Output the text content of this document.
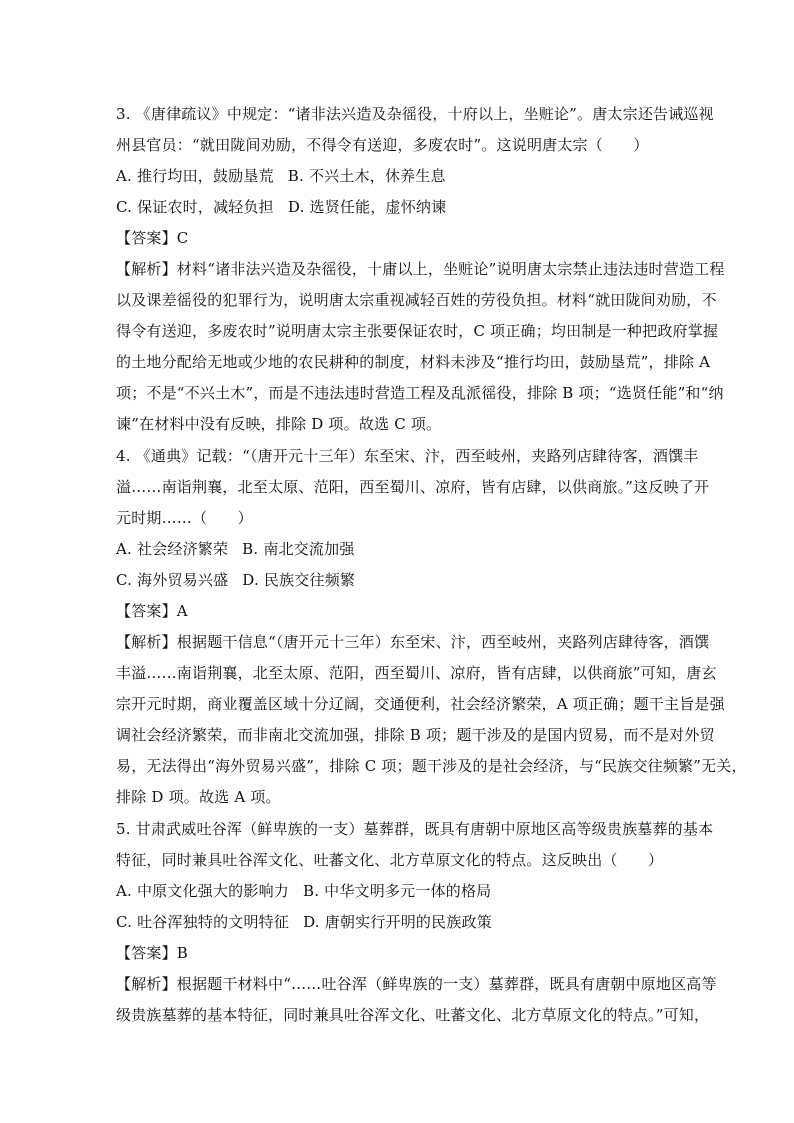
3. 《唐律疏议》中规定：“诸非法兴造及杂徭役，十府以上，坐赃论”。唐太宗还告诫巡视
州县官员：“就田陇间劝励，不得令有送迎，多废农时”。这说明唐太宗（　　）
A. 推行均田，鼓励垦荒 B. 不兴土木，休养生息
C. 保证农时，减轻负担 D. 选贤任能，虚怀纳谏
【答案】C
【解析】材料“诸非法兴造及杂徭役，十庸以上，坐赃论”说明唐太宗禁止违法违时营造工程
以及课差徭役的犯罪行为，说明唐太宗重视减轻百姓的劳役负担。材料“就田陇间劝励，不
得令有送迎，多废农时”说明唐太宗主张要保证农时，C 项正确；均田制是一种把政府掌握
的土地分配给无地或少地的农民耕种的制度，材料未涉及“推行均田，鼓励垦荒”，排除 A
项；不是“不兴土木”，而是不违法违时营造工程及乱派徭役，排除 B 项；“选贤任能”和“纳
谏”在材料中没有反映，排除 D 项。故选 C 项。
4. 《通典》记载：“（唐开元十三年）东至宋、汴，西至岐州，夹路列店肆待客，酒馔丰
溢……南诣荆襄，北至太原、范阳，西至蜀川、凉府，皆有店肆，以供商旅。”这反映了开
元时期……（　　）
A. 社会经济繁荣 B. 南北交流加强
C. 海外贸易兴盛 D. 民族交往频繁
【答案】A
【解析】根据题干信息“（唐开元十三年）东至宋、汴，西至岐州，夹路列店肆待客，酒馔
丰溢……南诣荆襄，北至太原、范阳，西至蜀川、凉府，皆有店肆，以供商旅”可知，唐玄
宗开元时期，商业覆盖区域十分辽阔，交通便利，社会经济繁荣，A 项正确；题干主旨是强
调社会经济繁荣，而非南北交流加强，排除 B 项；题干涉及的是国内贸易，而不是对外贸
易，无法得出“海外贸易兴盛”，排除 C 项；题干涉及的是社会经济，与“民族交往频繁”无关，
排除 D 项。故选 A 项。
5. 甘肃武威吐谷浑（鲜卑族的一支）墓葬群，既具有唐朝中原地区高等级贵族墓葬的基本
特征，同时兼具吐谷浑文化、吐蕃文化、北方草原文化的特点。这反映出（　　）
A. 中原文化强大的影响力 B. 中华文明多元一体的格局
C. 吐谷浑独特的文明特征 D. 唐朝实行开明的民族政策
【答案】B
【解析】根据题干材料中“……吐谷浑（鲜卑族的一支）墓葬群，既具有唐朝中原地区高等
级贵族墓葬的基本特征，同时兼具吐谷浑文化、吐蕃文化、北方草原文化的特点。”可知，
